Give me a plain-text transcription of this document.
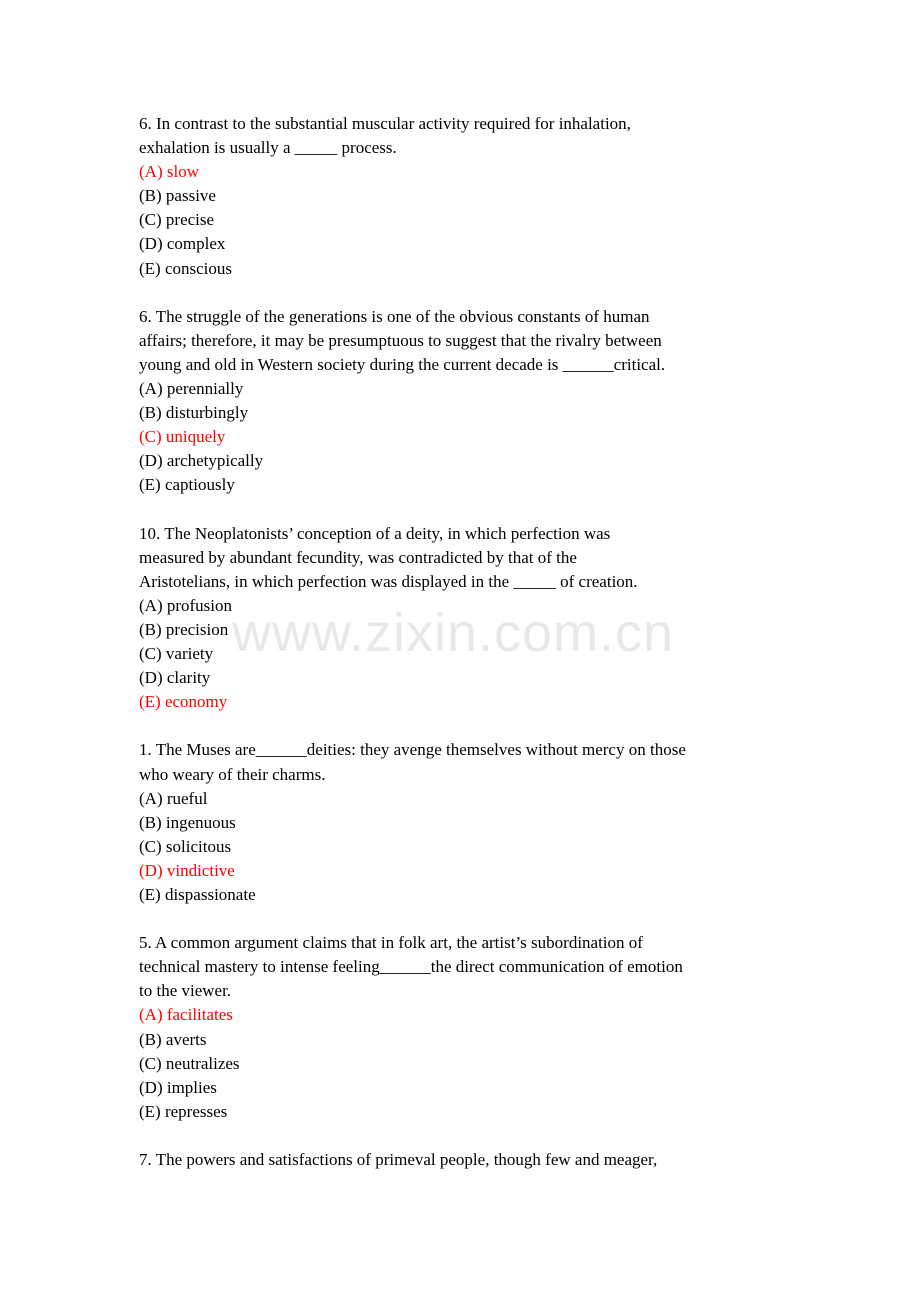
6. In contrast to the substantial muscular activity required for inhalation,
exhalation is usually a _____ process.

(A) slow

(B) passive

(C) precise

(D) complex

(E) conscious

6. The struggle of the generations is one of the obvious constants of human
affairs; therefore, it may be presumptuous to suggest that the rivalry between
young and old in Western society during the current decade is ______critical.

(A) perennially

(B) disturbingly

(C) uniquely

(D) archetypically

(E) captiously

10. The Neoplatonists’ conception of a deity, in which perfection was
measured by abundant fecundity, was contradicted by that of the
Aristotelians, in which perfection was displayed in the _____ of creation.

(A) profusion

(B) precision

(C) variety

(D) clarity

(E) economy

1. The Muses are______deities: they avenge themselves without mercy on those
who weary of their charms.

(A) rueful

(B) ingenuous

(C) solicitous

(D) vindictive

(E) dispassionate

5. A common argument claims that in folk art, the artist’s subordination of
technical mastery to intense feeling______the direct communication of emotion
to the viewer.

(A) facilitates

(B) averts

(C) neutralizes

(D) implies

(E) represses

7. The powers and satisfactions of primeval people, though few and meager,

www.zixin.com.cn
